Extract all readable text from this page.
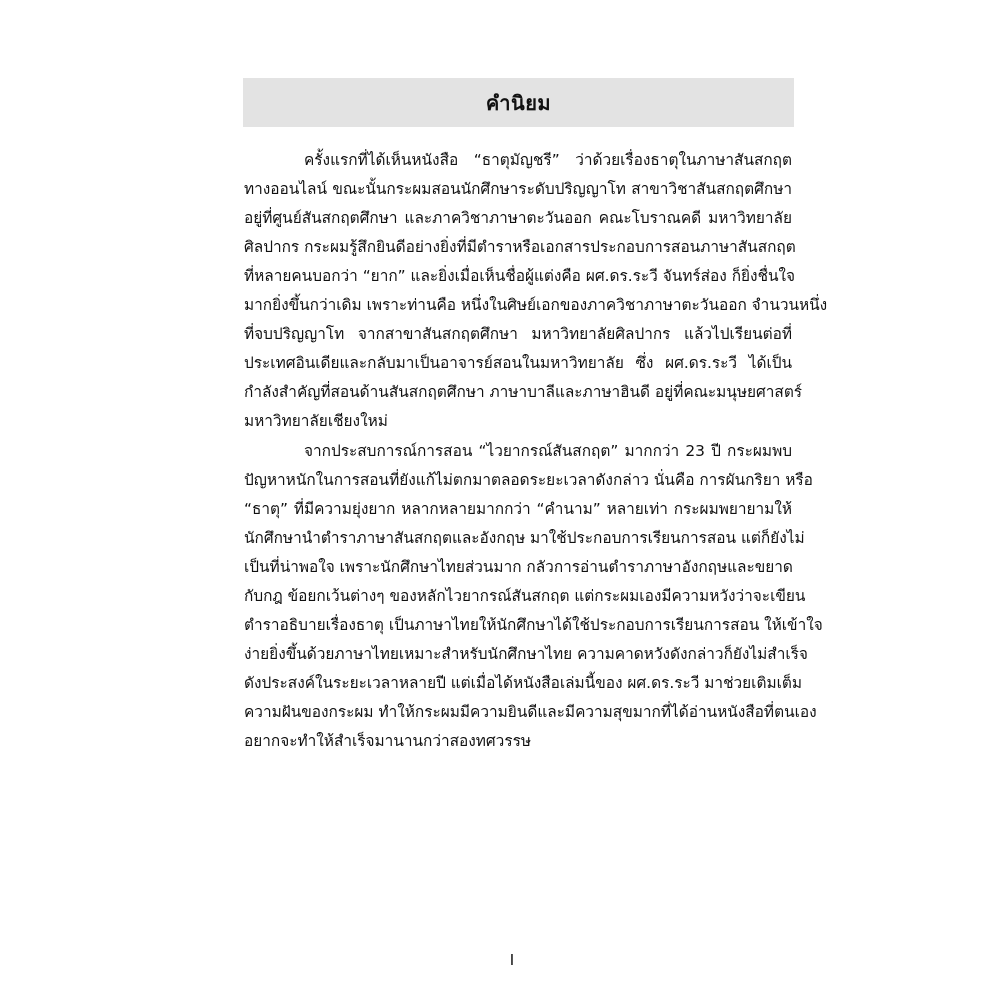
คำนิยม
ครั้งแรกที่ได้เห็นหนังสือ “ธาตุมัญชรี” ว่าด้วยเรื่องธาตุในภาษาสันสกฤต
ทางออนไลน์ ขณะนั้นกระผมสอนนักศึกษาระดับปริญญาโท สาขาวิชาสันสกฤตศึกษา
อยู่ที่ศูนย์สันสกฤตศึกษา และภาควิชาภาษาตะวันออก คณะโบราณคดี มหาวิทยาลัย
ศิลปากร กระผมรู้สึกยินดีอย่างยิ่งที่มีตำราหรือเอกสารประกอบการสอนภาษาสันสกฤต
ที่หลายคนบอกว่า “ยาก” และยิ่งเมื่อเห็นชื่อผู้แต่งคือ ผศ.ดร.ระวี จันทร์ส่อง ก็ยิ่งชื่นใจ
มากยิ่งขึ้นกว่าเดิม เพราะท่านคือ หนึ่งในศิษย์เอกของภาควิชาภาษาตะวันออก จำนวนหนึ่ง
ที่จบปริญญาโท จากสาขาสันสกฤตศึกษา มหาวิทยาลัยศิลปากร แล้วไปเรียนต่อที่
ประเทศอินเดียและกลับมาเป็นอาจารย์สอนในมหาวิทยาลัย ซึ่ง ผศ.ดร.ระวี ได้เป็น
กำลังสำคัญที่สอนด้านสันสกฤตศึกษา ภาษาบาลีและภาษาฮินดี อยู่ที่คณะมนุษยศาสตร์
มหาวิทยาลัยเชียงใหม่
จากประสบการณ์การสอน “ไวยากรณ์สันสกฤต” มากกว่า 23 ปี กระผมพบ
ปัญหาหนักในการสอนที่ยังแก้ไม่ตกมาตลอดระยะเวลาดังกล่าว นั่นคือ การผันกริยา หรือ
“ธาตุ” ที่มีความยุ่งยาก หลากหลายมากกว่า “คำนาม” หลายเท่า กระผมพยายามให้
นักศึกษานำตำราภาษาสันสกฤตและอังกฤษ มาใช้ประกอบการเรียนการสอน แต่ก็ยังไม่
เป็นที่น่าพอใจ เพราะนักศึกษาไทยส่วนมาก กลัวการอ่านตำราภาษาอังกฤษและขยาด
กับกฎ ข้อยกเว้นต่างๆ ของหลักไวยากรณ์สันสกฤต แต่กระผมเองมีความหวังว่าจะเขียน
ตำราอธิบายเรื่องธาตุ เป็นภาษาไทยให้นักศึกษาได้ใช้ประกอบการเรียนการสอน ให้เข้าใจ
ง่ายยิ่งขึ้นด้วยภาษาไทยเหมาะสำหรับนักศึกษาไทย ความคาดหวังดังกล่าวก็ยังไม่สำเร็จ
ดังประสงค์ในระยะเวลาหลายปี แต่เมื่อได้หนังสือเล่มนี้ของ ผศ.ดร.ระวี มาช่วยเติมเต็ม
ความฝันของกระผม ทำให้กระผมมีความยินดีและมีความสุขมากที่ได้อ่านหนังสือที่ตนเอง
อยากจะทำให้สำเร็จมานานกว่าสองทศวรรษ
I
